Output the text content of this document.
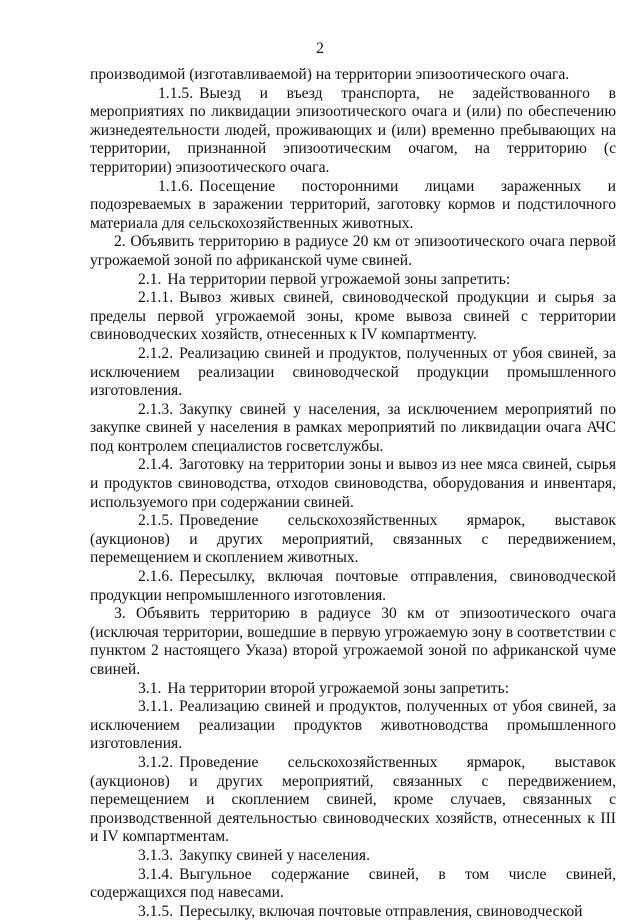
2

производимой (изготавливаемой) на территории эпизоотического очага.

1.1.5. Выезд и въезд транспорта, не задействованного в мероприятиях по ликвидации эпизоотического очага и (или) по обеспечению жизнедеятельности людей, проживающих и (или) временно пребывающих на территории, признанной эпизоотическим очагом, на территорию (с территории) эпизоотического очага.

1.1.6. Посещение посторонними лицами зараженных и подозреваемых в заражении территорий, заготовку кормов и подстилочного материала для сельскохозяйственных животных.

2. Объявить территорию в радиусе 20 км от эпизоотического очага первой угрожаемой зоной по африканской чуме свиней.

2.1. На территории первой угрожаемой зоны запретить:

2.1.1. Вывоз живых свиней, свиноводческой продукции и сырья за пределы первой угрожаемой зоны, кроме вывоза свиней с территории свиноводческих хозяйств, отнесенных к IV компартменту.

2.1.2. Реализацию свиней и продуктов, полученных от убоя свиней, за исключением реализации свиноводческой продукции промышленного изготовления.

2.1.3. Закупку свиней у населения, за исключением мероприятий по закупке свиней у населения в рамках мероприятий по ликвидации очага АЧС под контролем специалистов госветслужбы.

2.1.4. Заготовку на территории зоны и вывоз из нее мяса свиней, сырья и продуктов свиноводства, отходов свиноводства, оборудования и инвентаря, используемого при содержании свиней.

2.1.5. Проведение сельскохозяйственных ярмарок, выставок (аукционов) и других мероприятий, связанных с передвижением, перемещением и скоплением животных.

2.1.6. Пересылку, включая почтовые отправления, свиноводческой продукции непромышленного изготовления.

3. Объявить территорию в радиусе 30 км от эпизоотического очага (исключая территории, вошедшие в первую угрожаемую зону в соответствии с пунктом 2 настоящего Указа) второй угрожаемой зоной по африканской чуме свиней.

3.1. На территории второй угрожаемой зоны запретить:

3.1.1. Реализацию свиней и продуктов, полученных от убоя свиней, за исключением реализации продуктов животноводства промышленного изготовления.

3.1.2. Проведение сельскохозяйственных ярмарок, выставок (аукционов) и других мероприятий, связанных с передвижением, перемещением и скоплением свиней, кроме случаев, связанных с производственной деятельностью свиноводческих хозяйств, отнесенных к III и IV компартментам.

3.1.3. Закупку свиней у населения.

3.1.4. Выгульное содержание свиней, в том числе свиней, содержащихся под навесами.

3.1.5. Пересылку, включая почтовые отправления, свиноводческой
